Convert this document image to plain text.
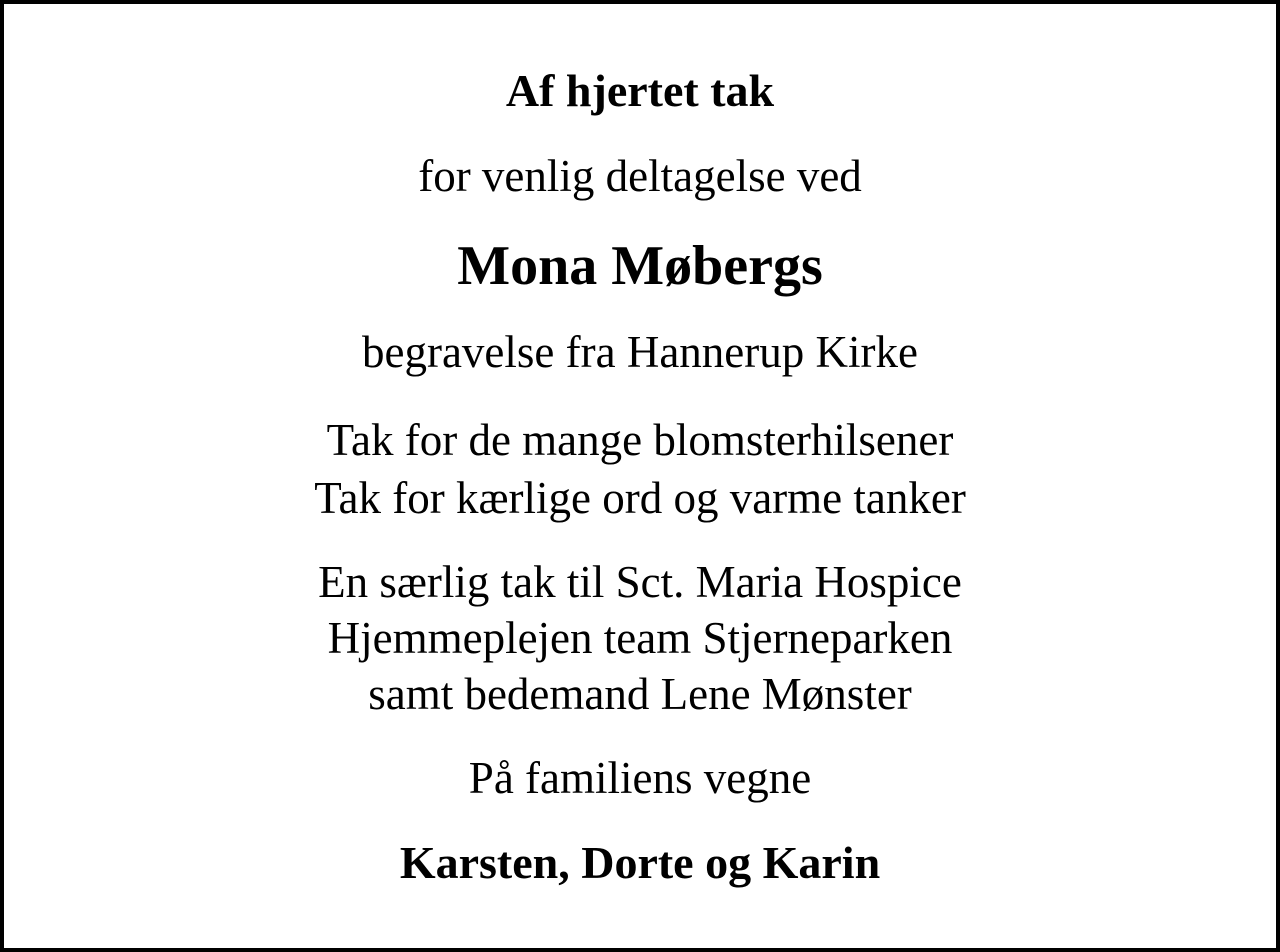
Af hjertet tak
for venlig deltagelse ved
Mona Møbergs
begravelse fra Hannerup Kirke
Tak for de mange blomsterhilsener
Tak for kærlige ord og varme tanker
En særlig tak til Sct. Maria Hospice
Hjemmeplejen team Stjerneparken
samt bedemand Lene Mønster
På familiens vegne
Karsten, Dorte og Karin
